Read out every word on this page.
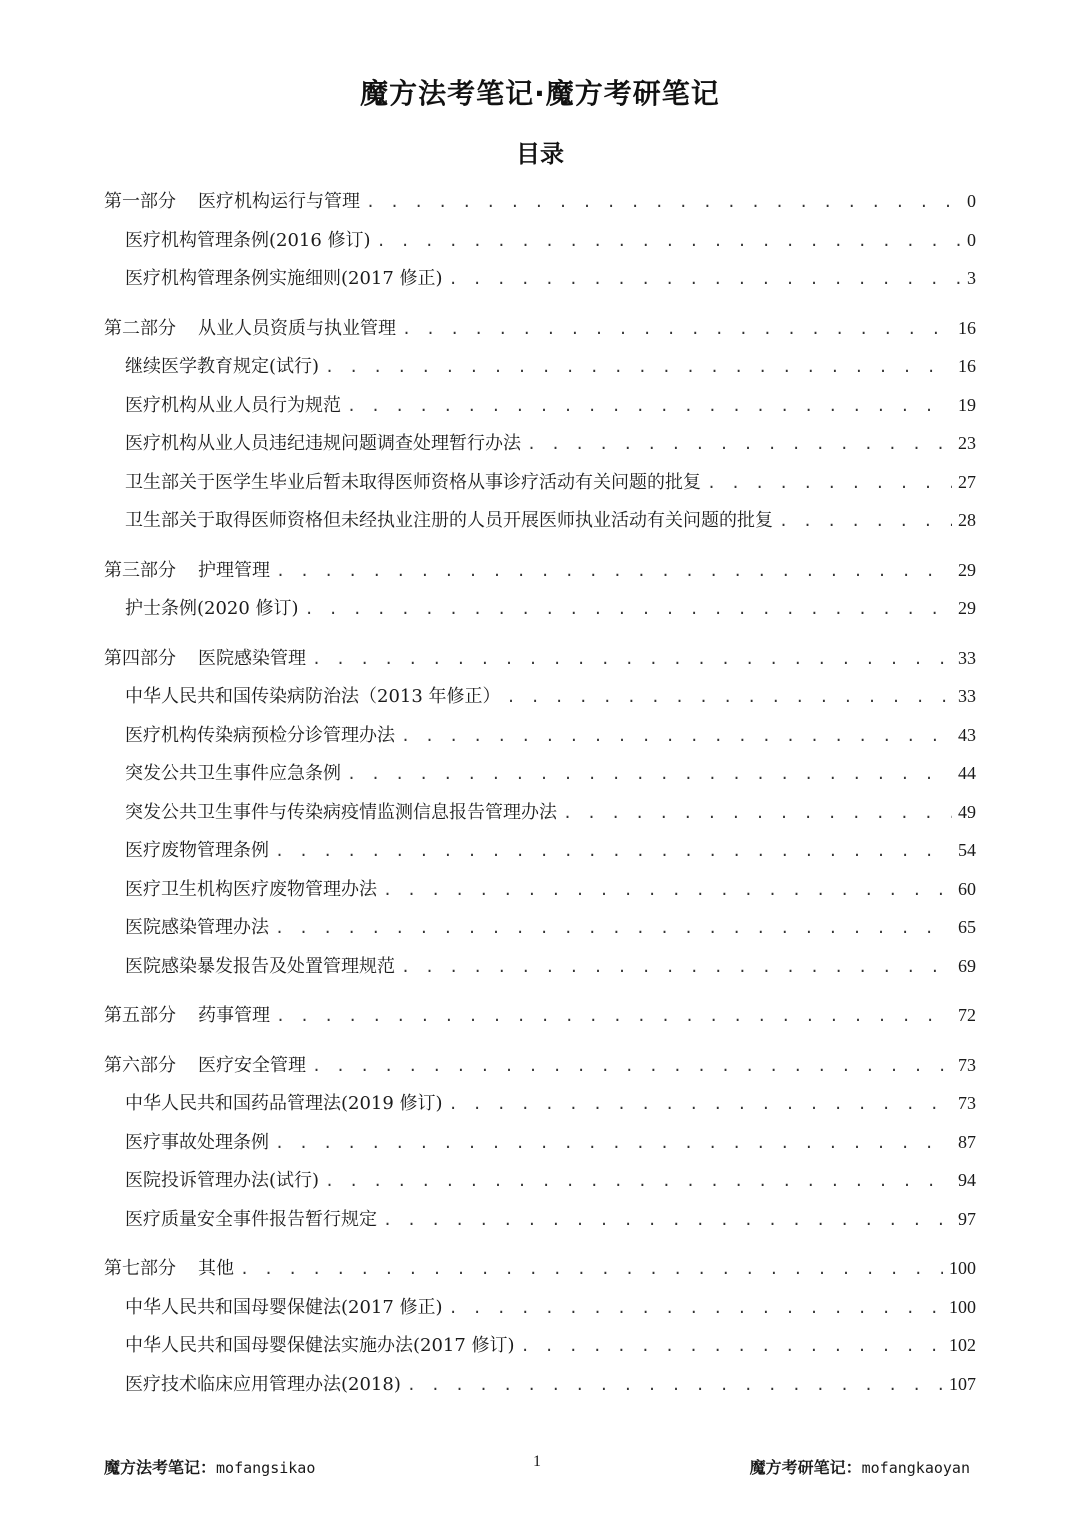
魔方法考笔记·魔方考研笔记
目录
第一部分 医疗机构运行与管理 . . .	0
医疗机构管理条例(2016 修订) . . .	0
医疗机构管理条例实施细则(2017 修正) . . .	3
第二部分 从业人员资质与执业管理 . . .	16
继续医学教育规定(试行) . . .	16
医疗机构从业人员行为规范 . . .	19
医疗机构从业人员违纪违规问题调查处理暂行办法 . . .	23
卫生部关于医学生毕业后暂未取得医师资格从事诊疗活动有关问题的批复 . . .	27
卫生部关于取得医师资格但未经执业注册的人员开展医师执业活动有关问题的批复 . . .	28
第三部分 护理管理 . . .	29
护士条例(2020 修订) . . .	29
第四部分 医院感染管理 . . .	33
中华人民共和国传染病防治法（2013 年修正） . . .	33
医疗机构传染病预检分诊管理办法 . . .	43
突发公共卫生事件应急条例 . . .	44
突发公共卫生事件与传染病疫情监测信息报告管理办法 . . .	49
医疗废物管理条例 . . .	54
医疗卫生机构医疗废物管理办法 . . .	60
医院感染管理办法 . . .	65
医院感染暴发报告及处置管理规范 . . .	69
第五部分 药事管理 . . .	72
第六部分 医疗安全管理 . . .	73
中华人民共和国药品管理法(2019 修订) . . .	73
医疗事故处理条例 . . .	87
医院投诉管理办法(试行) . . .	94
医疗质量安全事件报告暂行规定 . . .	97
第七部分 其他 . . .	100
中华人民共和国母婴保健法(2017 修正) . . .	100
中华人民共和国母婴保健法实施办法(2017 修订) . . .	102
医疗技术临床应用管理办法(2018) . . .	107
魔方法考笔记：mofangsikao	1	魔方考研笔记：mofangkaoyan
